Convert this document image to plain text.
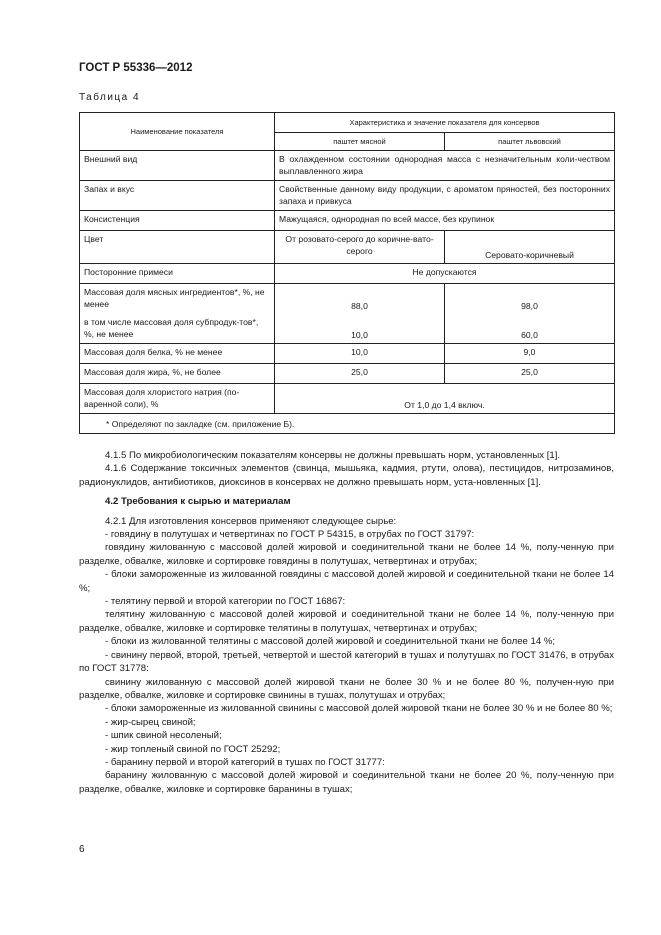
ГОСТ Р 55336—2012
Таблица 4
Наименование показателя	Характеристика и значение показателя для консервов	
	паштет мясной	паштет львовский
Внешний вид	В охлажденном состоянии однородная масса с незначительным коли-чеством выплавленного жира	
Запах и вкус	Свойственные данному виду продукции, с ароматом пряностей, без посторонних запаха и привкуса	
Консистенция	Мажущаяся, однородная по всей массе, без крупинок	
Цвет	От розовато-серого до коричне-вато-серого	Серовато-коричневый
Посторонние примеси	Не допускаются	
Массовая доля мясных ингредиентов*, %, не менее	88,0	98,0
в том числе массовая доля субпродук-тов*, %, не менее	10,0	60,0
Массовая доля белка, % не менее	10,0	9,0
Массовая доля жира, %, не более	25,0	25,0
Массовая доля хлористого натрия (по-варенной соли), %	От 1,0 до 1,4 включ.	
* Определяют по закладке (см. приложение Б).		

4.1.5 По микробиологическим показателям консервы не должны превышать норм, установленных [1].

4.1.6 Содержание токсичных элементов (свинца, мышьяка, кадмия, ртути, олова), пестицидов, нитрозаминов, радионуклидов, антибиотиков, диоксинов в консервах не должно превышать норм, уста-новленных [1].

4.2 Требования к сырью и материалам

4.2.1 Для изготовления консервов применяют следующее сырье:

- говядину в полутушах и четвертинах по ГОСТ Р 54315, в отрубах по ГОСТ 31797:

говядину жилованную с массовой долей жировой и соединительной ткани не более 14 %, полу-ченную при разделке, обвалке, жиловке и сортировке говядины в полутушах, четвертинах и отрубах;

- блоки замороженные из жилованной говядины с массовой долей жировой и соединительной ткани не более 14 %;

- телятину первой и второй категории по ГОСТ 16867:

телятину жилованную с массовой долей жировой и соединительной ткани не более 14 %, полу-ченную при разделке, обвалке, жиловке и сортировке телятины в полутушах, четвертинах и отрубах;

- блоки из жилованной телятины с массовой долей жировой и соединительной ткани не более 14 %;

- свинину первой, второй, третьей, четвертой и шестой категорий в тушах и полутушах по ГОСТ 31476, в отрубах по ГОСТ 31778:

свинину жилованную с массовой долей жировой ткани не более 30 % и не более 80 %, получен-ную при разделке, обвалке, жиловке и сортировке свинины в тушах, полутушах и отрубах;

- блоки замороженные из жилованной свинины с массовой долей жировой ткани не более 30 % и не более 80 %;

- жир-сырец свиной;

- шпик свиной несоленый;

- жир топленый свиной по ГОСТ 25292;

- баранину первой и второй категорий в тушах по ГОСТ 31777:

баранину жилованную с массовой долей жировой и соединительной ткани не более 20 %, полу-ченную при разделке, обвалке, жиловке и сортировке баранины в тушах;

6
